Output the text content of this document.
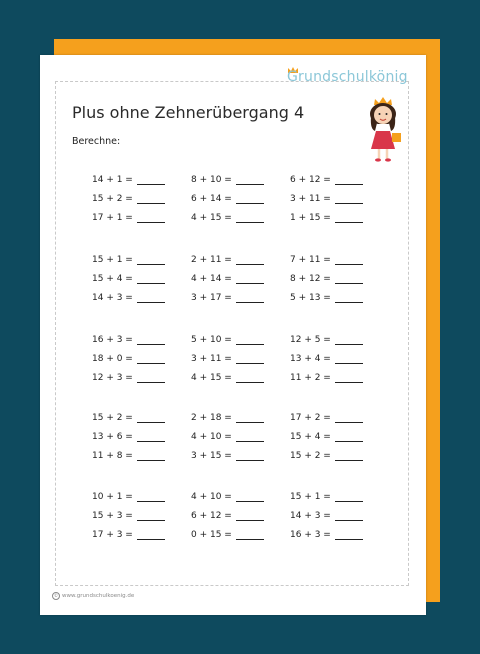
Grundschulkönig
Plus ohne Zehnerübergang 4
Berechne:
14 + 1 =
15 + 2 =
17 + 1 =
8 + 10 =
6 + 14 =
4 + 15 =
6 + 12 =
3 + 11 =
1 + 15 =
15 + 1 =
15 + 4 =
14 + 3 =
2 + 11 =
4 + 14 =
3 + 17 =
7 + 11 =
8 + 12 =
5 + 13 =
16 + 3 =
18 + 0 =
12 + 3 =
5 + 10 =
3 + 11 =
4 + 15 =
12 + 5 =
13 + 4 =
11 + 2 =
15 + 2 =
13 + 6 =
11 + 8 =
2 + 18 =
4 + 10 =
3 + 15 =
17 + 2 =
15 + 4 =
15 + 2 =
10 + 1 =
15 + 3 =
17 + 3 =
4 + 10 =
6 + 12 =
0 + 15 =
15 + 1 =
14 + 3 =
16 + 3 =
© www.grundschulkoenig.de
